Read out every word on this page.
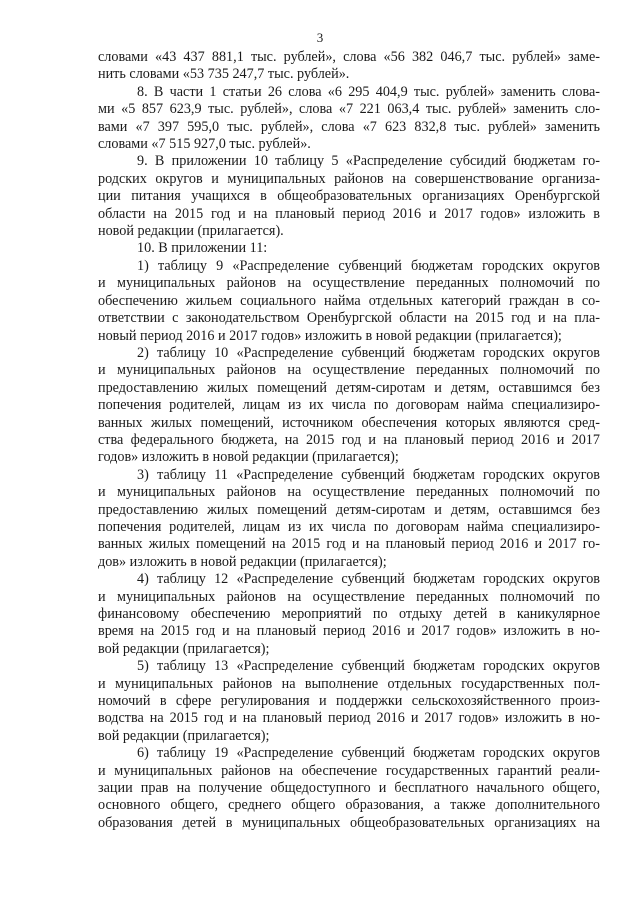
3
словами «43 437 881,1 тыс. рублей», слова «56 382 046,7 тыс. рублей» заме-
нить словами «53 735 247,7 тыс. рублей».
8. В части 1 статьи 26 слова «6 295 404,9 тыс. рублей» заменить слова-
ми «5 857 623,9 тыс. рублей», слова «7 221 063,4 тыс. рублей» заменить сло-
вами «7 397 595,0 тыс. рублей», слова «7 623 832,8 тыс. рублей» заменить
словами «7 515 927,0 тыс. рублей».
9. В приложении 10 таблицу 5 «Распределение субсидий бюджетам го-
родских округов и муниципальных районов на совершенствование организа-
ции питания учащихся в общеобразовательных организациях Оренбургской
области на 2015 год и на плановый период 2016 и 2017 годов» изложить в
новой редакции (прилагается).
10. В приложении 11:
1) таблицу 9 «Распределение субвенций бюджетам городских округов
и муниципальных районов на осуществление переданных полномочий по
обеспечению жильем социального найма отдельных категорий граждан в со-
ответствии с законодательством Оренбургской области на 2015 год и на пла-
новый период 2016 и 2017 годов» изложить в новой редакции (прилагается);
2) таблицу 10 «Распределение субвенций бюджетам городских округов
и муниципальных районов на осуществление переданных полномочий по
предоставлению жилых помещений детям-сиротам и детям, оставшимся без
попечения родителей, лицам из их числа по договорам найма специализиро-
ванных жилых помещений, источником обеспечения которых являются сред-
ства федерального бюджета, на 2015 год и на плановый период 2016 и 2017
годов» изложить в новой редакции (прилагается);
3) таблицу 11 «Распределение субвенций бюджетам городских округов
и муниципальных районов на осуществление переданных полномочий по
предоставлению жилых помещений детям-сиротам и детям, оставшимся без
попечения родителей, лицам из их числа по договорам найма специализиро-
ванных жилых помещений на 2015 год и на плановый период 2016 и 2017 го-
дов» изложить в новой редакции (прилагается);
4) таблицу 12 «Распределение субвенций бюджетам городских округов
и муниципальных районов на осуществление переданных полномочий по
финансовому обеспечению мероприятий по отдыху детей в каникулярное
время на 2015 год и на плановый период 2016 и 2017 годов» изложить в но-
вой редакции (прилагается);
5) таблицу 13 «Распределение субвенций бюджетам городских округов
и муниципальных районов на выполнение отдельных государственных пол-
номочий в сфере регулирования и поддержки сельскохозяйственного произ-
водства на 2015 год и на плановый период 2016 и 2017 годов» изложить в но-
вой редакции (прилагается);
6) таблицу 19 «Распределение субвенций бюджетам городских округов
и муниципальных районов на обеспечение государственных гарантий реали-
зации прав на получение общедоступного и бесплатного начального общего,
основного общего, среднего общего образования, а также дополнительного
образования детей в муниципальных общеобразовательных организациях на
